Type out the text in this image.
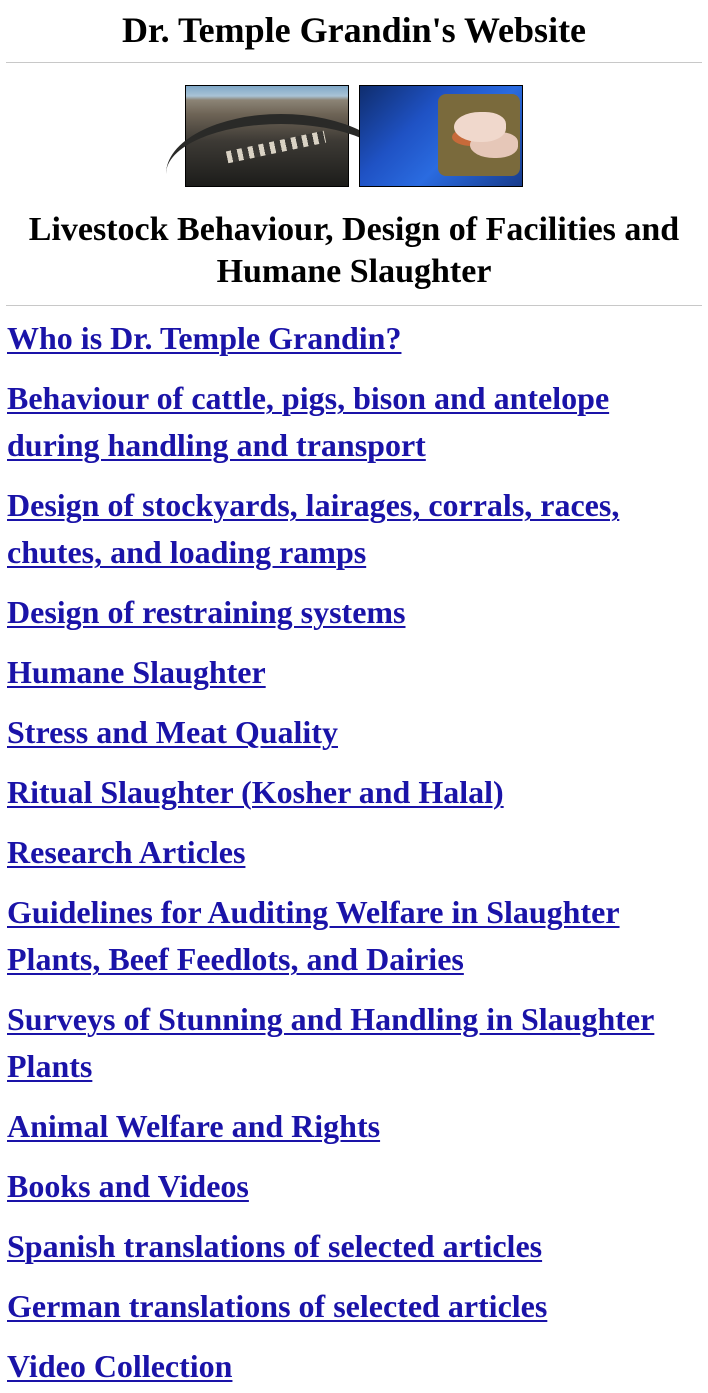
Dr. Temple Grandin's Website
Livestock Behaviour, Design of Facilities and Humane Slaughter
Who is Dr. Temple Grandin?
Behaviour of cattle, pigs, bison and antelope during handling and transport
Design of stockyards, lairages, corrals, races, chutes, and loading ramps
Design of restraining systems
Humane Slaughter
Stress and Meat Quality
Ritual Slaughter (Kosher and Halal)
Research Articles
Guidelines for Auditing Welfare in Slaughter Plants, Beef Feedlots, and Dairies
Surveys of Stunning and Handling in Slaughter Plants
Animal Welfare and Rights
Books and Videos
Spanish translations of selected articles
German translations of selected articles
Video Collection
